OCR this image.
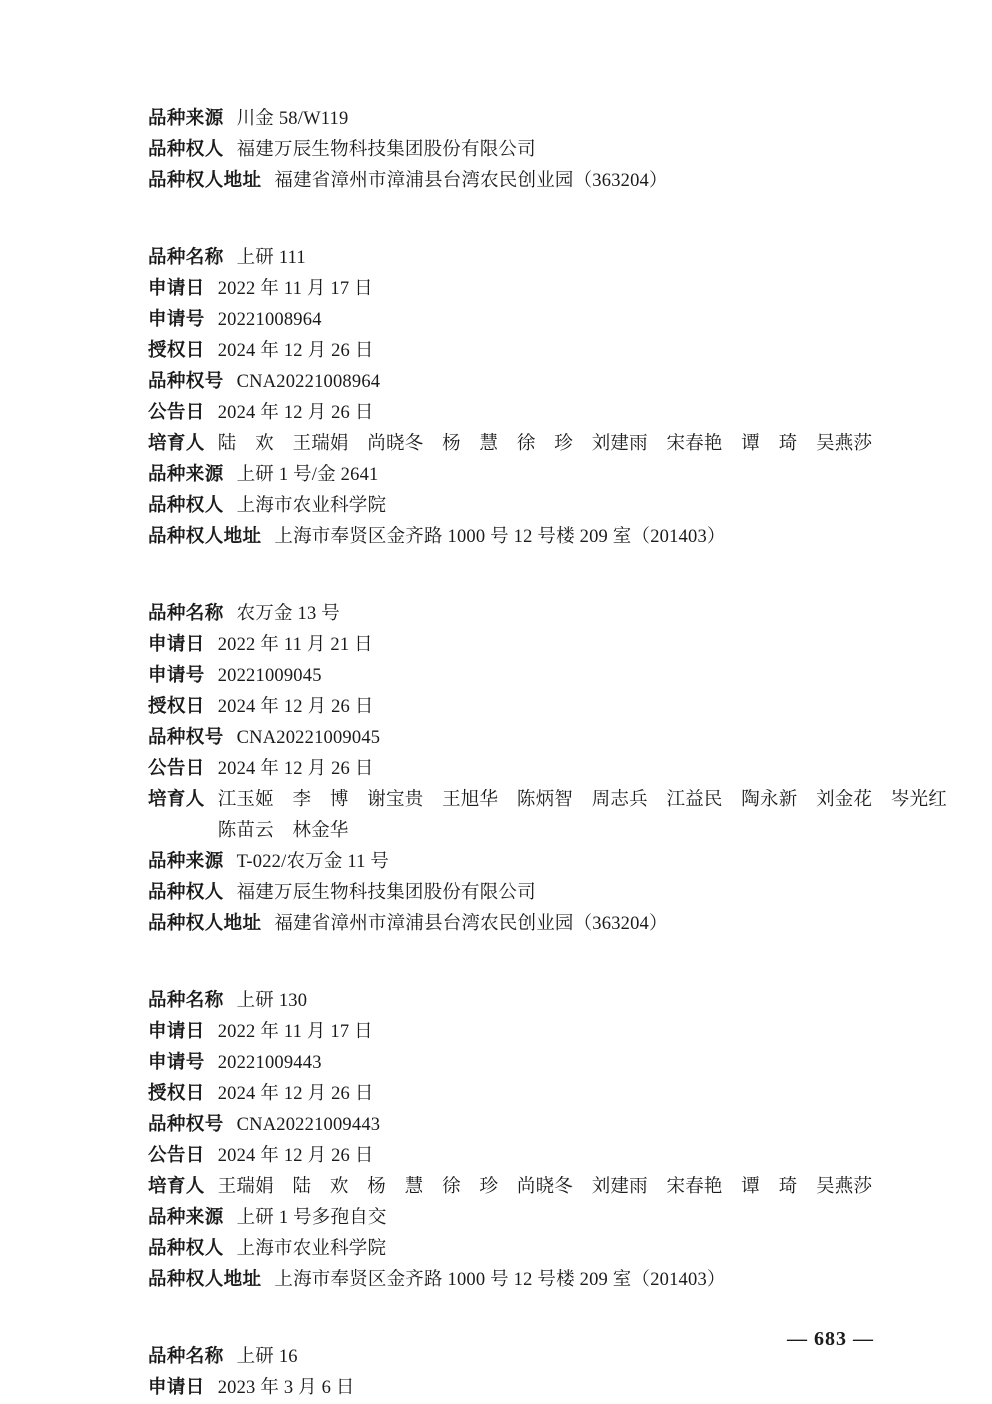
品种来源 川金 58/W119
品种权人 福建万辰生物科技集团股份有限公司
品种权人地址 福建省漳州市漳浦县台湾农民创业园（363204）
品种名称 上研 111
申请日 2022 年 11 月 17 日
申请号 20221008964
授权日 2024 年 12 月 26 日
品种权号 CNA20221008964
公告日 2024 年 12 月 26 日
培育人 陆　欢　王瑞娟　尚晓冬　杨　慧　徐　珍　刘建雨　宋春艳　谭　琦　吴燕莎
品种来源 上研 1 号/金 2641
品种权人 上海市农业科学院
品种权人地址 上海市奉贤区金齐路 1000 号 12 号楼 209 室（201403）
品种名称 农万金 13 号
申请日 2022 年 11 月 21 日
申请号 20221009045
授权日 2024 年 12 月 26 日
品种权号 CNA20221009045
公告日 2024 年 12 月 26 日
培育人 江玉姬　李　博　谢宝贵　王旭华　陈炳智　周志兵　江益民　陶永新　刘金花　岑光红
陈苗云　林金华
品种来源 T-022/农万金 11 号
品种权人 福建万辰生物科技集团股份有限公司
品种权人地址 福建省漳州市漳浦县台湾农民创业园（363204）
品种名称 上研 130
申请日 2022 年 11 月 17 日
申请号 20221009443
授权日 2024 年 12 月 26 日
品种权号 CNA20221009443
公告日 2024 年 12 月 26 日
培育人 王瑞娟　陆　欢　杨　慧　徐　珍　尚晓冬　刘建雨　宋春艳　谭　琦　吴燕莎
品种来源 上研 1 号多孢自交
品种权人 上海市农业科学院
品种权人地址 上海市奉贤区金齐路 1000 号 12 号楼 209 室（201403）
品种名称 上研 16
申请日 2023 年 3 月 6 日
— 683 —
